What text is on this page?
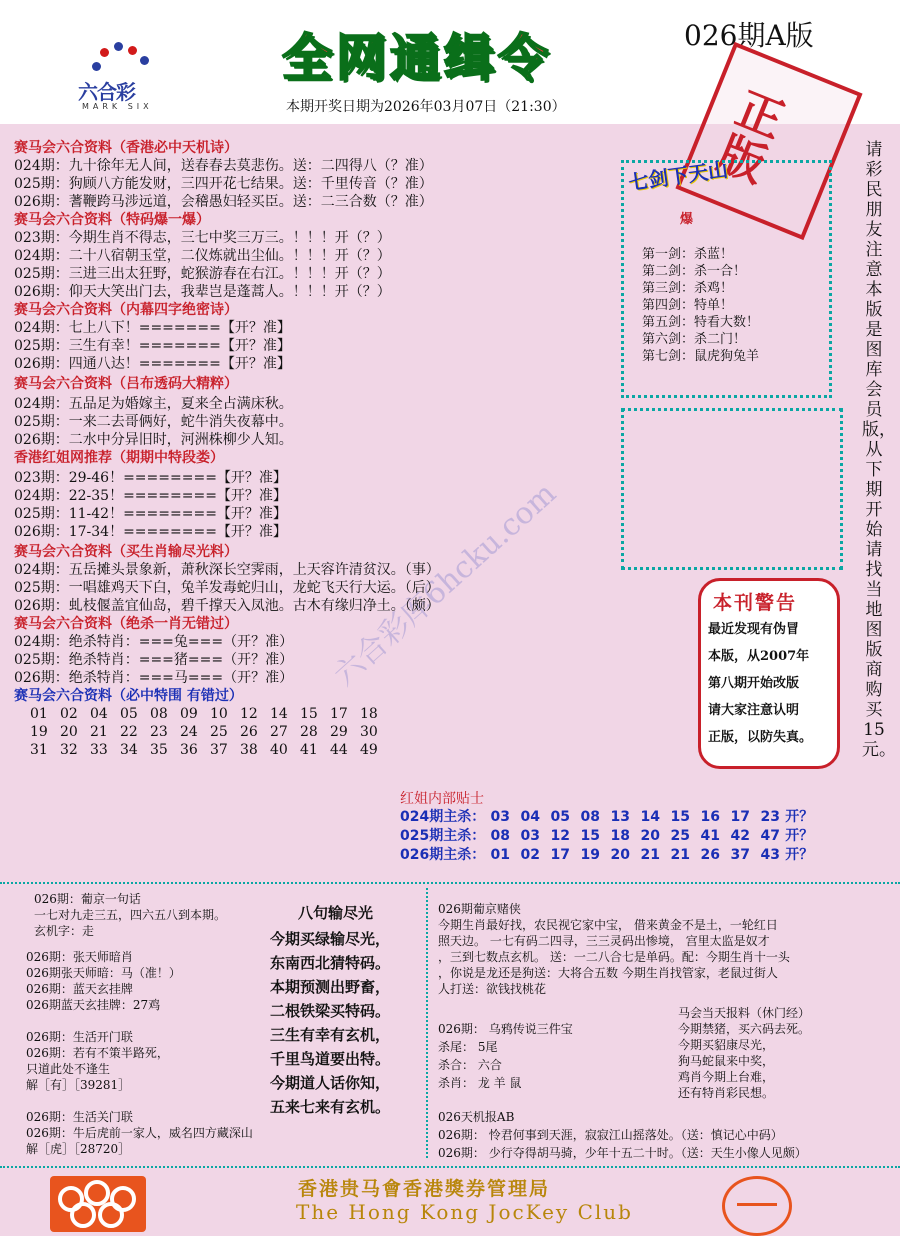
六合彩
MARK SIX
全网通缉令	026期A版
本期开奖日期为2026年03月07日（21:30）	正版
六合彩库6hcku.com
赛马会六合资料（香港必中天机诗）
024期：九十徐年无人间，送春春去莫悲伤。送：二四得八（？准）
025期：狗顾八方能发财，三四开花七结果。送：千里传音（？准）
026期：蓍鞭跨马涉远道，会稽愚妇轻买臣。送：二三合数（？准）
赛马会六合资料（特码爆一爆）
023期：今期生肖不得志，三七中奖三万三。！！！开（？）
024期：二十八宿朝玉堂，二仪炼就出尘仙。！！！开（？）
025期：三进三出太狂野，蛇猴游春在右江。！！！开（？）
026期：仰天大笑出门去，我辈岂是蓬蒿人。！！！开（？）
赛马会六合资料（内幕四字绝密诗）
024期：七上八下！=======【开？准】
025期：三生有幸！=======【开？准】
026期：四通八达！=======【开？准】
赛马会六合资料（吕布透码大精粹）
024期：五品足为婚嫁主，夏来全占满床秋。
025期：一来二去哥俩好，蛇牛消失夜幕中。
026期：二水中分异旧时，河洲株柳少人知。
香港红姐网推荐（期期中特段娄）
023期：29-46！========【开？准】
024期：22-35！========【开？准】
025期：11-42！========【开？准】
026期：17-34！========【开？准】
赛马会六合资料（买生肖输尽光料）
024期：五岳摊头景象新，萧秋深长空霁雨，上天容许清贫汉。（事）
025期：一唱雄鸡天下白，兔羊发毒蛇归山，龙蛇飞天行大运。（后）
026期：虬枝偃盖宜仙岛，碧千撑天入凤池。古木有缘归净土。（颇）
赛马会六合资料（绝杀一肖无错过）
024期：绝杀特肖：===兔===（开？准）
025期：绝杀特肖：===猪===（开？准）
026期：绝杀特肖：===马===（开？准）
赛马会六合资料（必中特围 有错过）
01 02 04 05 08 09 10 12 14 15 17 18
19 20 21 22 23 24 25 26 27 28 29 30
31 32 33 34 35 36 37 38 40 41 44 49
七剑下天山
爆
第一剑：杀蓝！
第二剑：杀一合！
第三剑：杀鸡！
第四剑：特单！
第五剑：特看大数！
第六剑：杀二门！
第七剑：鼠虎狗兔羊
本刊警告
最近发现有伪冒
本版，从2007年
第八期开始改版
请大家注意认明
正版，以防失真。
请彩民朋友注意本版是图库会员版，从下期开始请找当地图版商购买15元。
红姐内部贴士
024期主杀： 03 04 05 08 13 14 15 16 17 23 开？
025期主杀： 08 03 12 15 18 20 25 41 42 47 开？
026期主杀： 01 02 17 19 20 21 21 26 37 43 开？
026期：葡京一句话
一七对九走三五，四六五八到本期。
玄机字：走
026期：张天师暗肖
026期张天师暗：马（准！）
026期：蓝天玄挂牌
026期蓝天玄挂牌：27鸡
026期：生活开门联
026期：若有不策半路死，
只道此处不逢生
解［有］［39281］
026期：生活关门联
026期：牛后虎前一家人，威名四方藏深山
解［虎］［28720］
八句输尽光
今期买绿输尽光，
东南西北猜特码。
本期预测出野畜，
二根铁梁买特码。
三生有幸有玄机，
千里鸟道要出特。
今期道人话你知，
五来七来有玄机。
026期葡京赌侠
今期生肖最好找，农民视它家中宝， 借来黄金不是土，一轮红日
照天边。 一七有码二四寻，三三灵码出惨境， 宫里太监是奴才
，三到七数点玄机。 送：一二八合七是单码。配：今期生肖十一头
，你说是龙还是狗送：大将合五数 今期生肖找管家，老鼠过街人
人打送：欲钱找桃花
马会当天报料（休门经）
今期禁猪，买六码去死。
今期买貂康尽光，
狗马蛇鼠来中奖，
鸡肖今期上台难，
还有特肖彩民想。
026期： 乌鸦传说三件宝
杀尾： 5尾
杀合： 六合
杀肖： 龙 羊 鼠
026天机报AB
026期： 怜君何事到天涯，寂寂江山摇落处。（送：慎记心中码）
026期： 少行夺得胡马骑，少年十五二十时。（送：天生小像人见颇）
香港贵马會香港獎券管理局
The Hong Kong JocKey Club
